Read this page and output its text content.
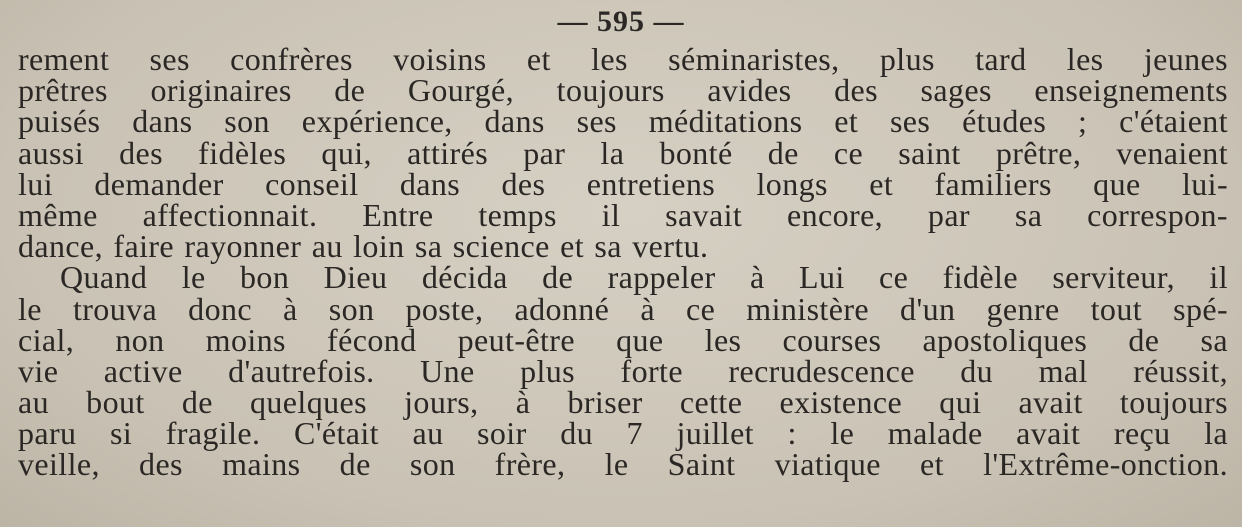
— 595 —
rement ses confrères voisins et les séminaristes, plus tard les jeunes
prêtres originaires de Gourgé, toujours avides des sages enseignements
puisés dans son expérience, dans ses méditations et ses études ; c'étaient
aussi des fidèles qui, attirés par la bonté de ce saint prêtre, venaient
lui demander conseil dans des entretiens longs et familiers que lui-
même affectionnait. Entre temps il savait encore, par sa correspon-
dance, faire rayonner au loin sa science et sa vertu.
Quand le bon Dieu décida de rappeler à Lui ce fidèle serviteur, il
le trouva donc à son poste, adonné à ce ministère d'un genre tout spé-
cial, non moins fécond peut-être que les courses apostoliques de sa
vie active d'autrefois. Une plus forte recrudescence du mal réussit,
au bout de quelques jours, à briser cette existence qui avait toujours
paru si fragile. C'était au soir du 7 juillet : le malade avait reçu la
veille, des mains de son frère, le Saint viatique et l'Extrême-onction.
